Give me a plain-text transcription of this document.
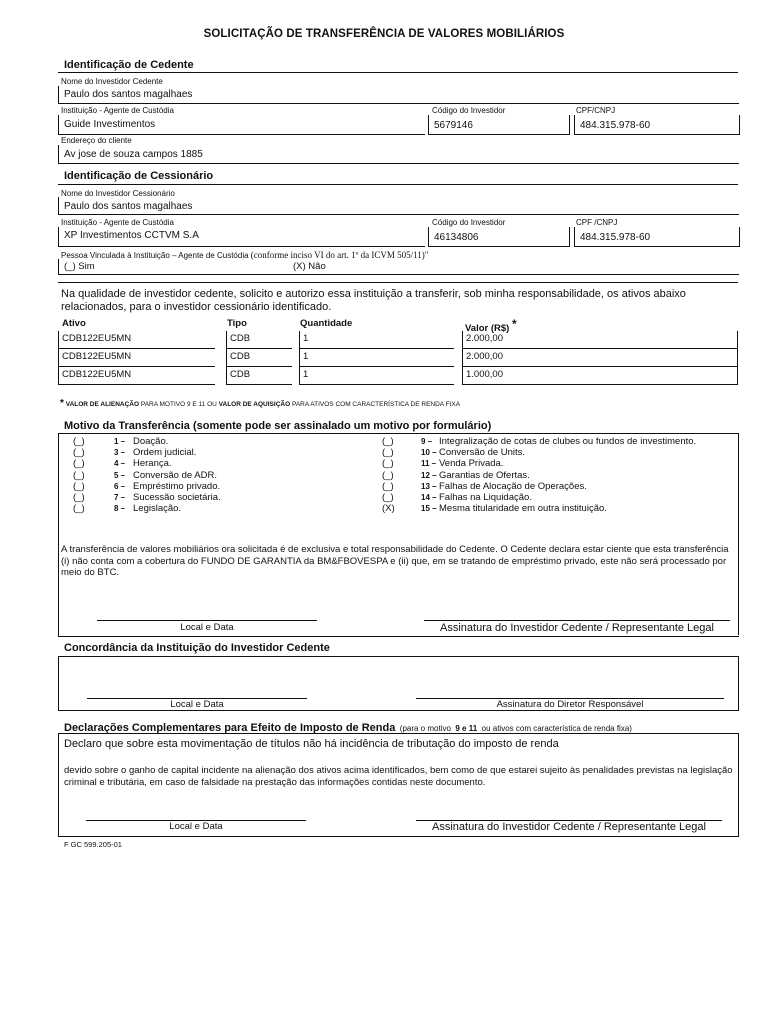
SOLICITAÇÃO DE TRANSFERÊNCIA DE VALORES MOBILIÁRIOS
Identificação de Cedente
Nome do Investidor Cedente
Paulo dos santos magalhaes
Instituição - Agente de Custódia	Código do Investidor	CPF/CNPJ
Guide Investimentos	5679146	484.315.978-60
Endereço do cliente
Av jose de souza campos 1885
Identificação de Cessionário
Nome do Investidor Cessionário
Paulo dos santos magalhaes
Instituição - Agente de Custódia	Código do Investidor	CPF /CNPJ
XP Investimentos CCTVM S.A	46134806	484.315.978-60
Pessoa Vinculada à Instituição – Agente de Custódia (conforme inciso VI do art. 1º da ICVM 505/11)"
(_) Sim	(X) Não
Na qualidade de investidor cedente, solicito e autorizo essa instituição a transferir, sob minha responsabilidade, os ativos abaixo relacionados, para o investidor cessionário identificado.
Ativo	Tipo	Quantidade	Valor (R$) *
CDB122EU5MN	CDB	1	2.000,00
CDB122EU5MN	CDB	1	2.000,00
CDB122EU5MN	CDB	1	1.000,00
* VALOR DE ALIENAÇÃO PARA MOTIVO 9 E 11 OU VALOR DE AQUISIÇÃO PARA ATIVOS COM CARACTERÍSTICA DE RENDA FIXA
Motivo da Transferência (somente pode ser assinalado um motivo por formulário)
(_)	1 – Doação.
(_)	3 – Ordem judicial.
(_)	4 – Herança.
(_)	5 – Conversão de ADR.
(_)	6 – Empréstimo privado.
(_)	7 – Sucessão societária.
(_)	8 – Legislação.
(_)	9 – Integralização de cotas de clubes ou fundos de investimento.
(_)	10 – Conversão de Units.
(_)	11 – Venda Privada.
(_)	12 – Garantias de Ofertas.
(_)	13 – Falhas de Alocação de Operações.
(_)	14 – Falhas na Liquidação.
(X)	15 – Mesma titularidade em outra instituição.
A transferência de valores mobiliários ora solicitada é de exclusiva e total responsabilidade do Cedente. O Cedente declara estar ciente que esta transferência (i) não conta com a cobertura do FUNDO DE GARANTIA da BM&FBOVESPA e (ii) que, em se tratando de empréstimo privado, este não será processado por meio do BTC.
Local e Data	Assinatura do Investidor Cedente / Representante Legal
Concordância da Instituição do Investidor Cedente
Local e Data	Assinatura do Diretor Responsável
Declarações Complementares para Efeito de Imposto de Renda (para o motivo 9 e 11 ou ativos com característica de renda fixa)
Declaro que sobre esta movimentação de títulos não há incidência de tributação do imposto de renda
devido sobre o ganho de capital incidente na alienação dos ativos acima identificados, bem como de que estarei sujeito às penalidades previstas na legislação criminal e tributária, em caso de falsidade na prestação das informações contidas neste documento.
Local e Data	Assinatura do Investidor Cedente / Representante Legal
F GC 599.205-01
